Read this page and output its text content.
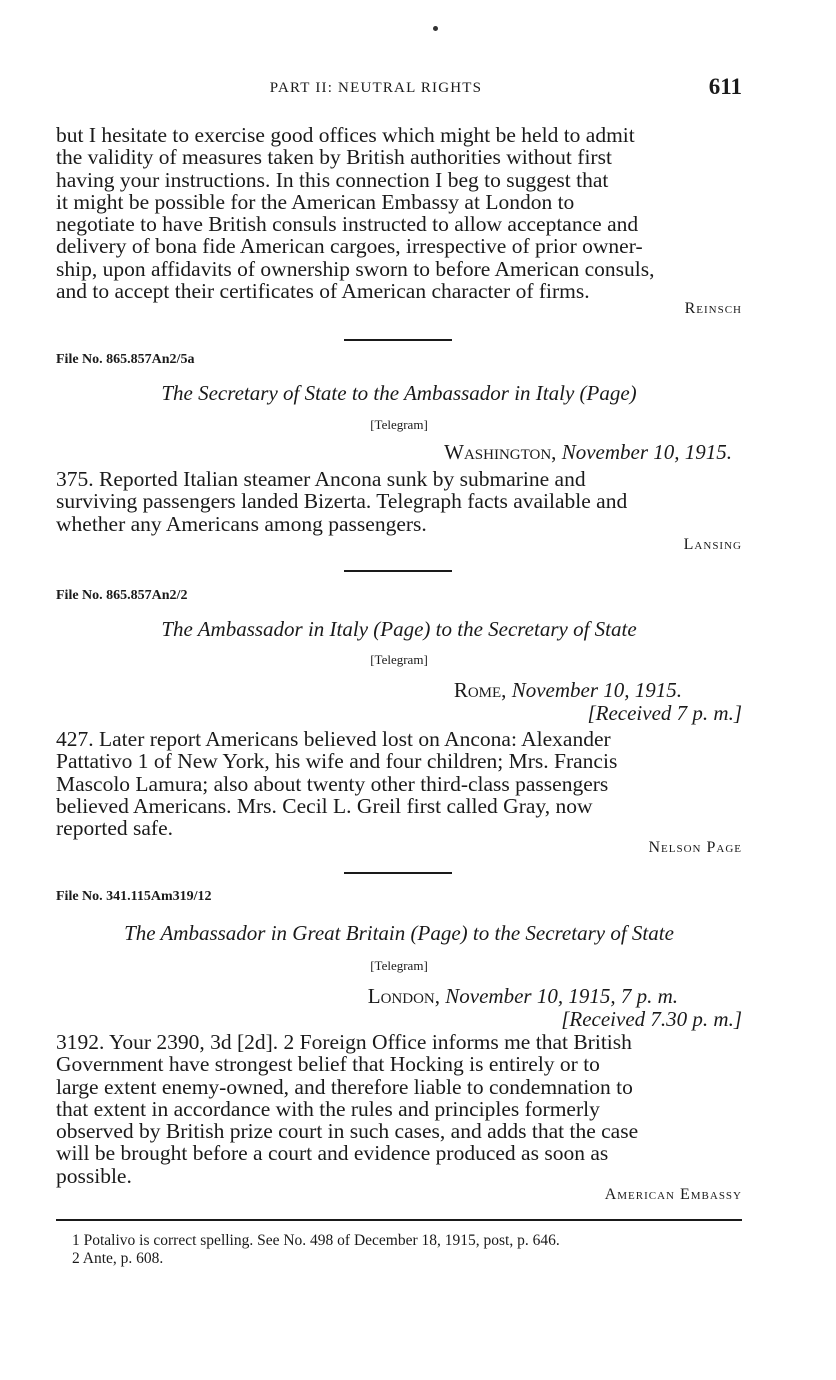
PART II: NEUTRAL RIGHTS	611
but I hesitate to exercise good offices which might be held to admit
the validity of measures taken by British authorities without first
having your instructions. In this connection I beg to suggest that
it might be possible for the American Embassy at London to
negotiate to have British consuls instructed to allow acceptance and
delivery of bona fide American cargoes, irrespective of prior owner-
ship, upon affidavits of ownership sworn to before American consuls,
and to accept their certificates of American character of firms.
Reinsch
File No. 865.857An2/5a
The Secretary of State to the Ambassador in Italy (Page)
[Telegram]
Washington, November 10, 1915.
375. Reported Italian steamer Ancona sunk by submarine and
surviving passengers landed Bizerta. Telegraph facts available and
whether any Americans among passengers.
Lansing
File No. 865.857An2/2
The Ambassador in Italy (Page) to the Secretary of State
[Telegram]
Rome, November 10, 1915.
[Received 7 p. m.]
427. Later report Americans believed lost on Ancona: Alexander
Pattativo 1 of New York, his wife and four children; Mrs. Francis
Mascolo Lamura; also about twenty other third-class passengers
believed Americans. Mrs. Cecil L. Greil first called Gray, now
reported safe.
Nelson Page
File No. 341.115Am319/12
The Ambassador in Great Britain (Page) to the Secretary of State
[Telegram]
London, November 10, 1915, 7 p. m.
[Received 7.30 p. m.]
3192. Your 2390, 3d [2d]. 2 Foreign Office informs me that British
Government have strongest belief that Hocking is entirely or to
large extent enemy-owned, and therefore liable to condemnation to
that extent in accordance with the rules and principles formerly
observed by British prize court in such cases, and adds that the case
will be brought before a court and evidence produced as soon as
possible.
American Embassy
1 Potalivo is correct spelling. See No. 498 of December 18, 1915, post, p. 646.
2 Ante, p. 608.
